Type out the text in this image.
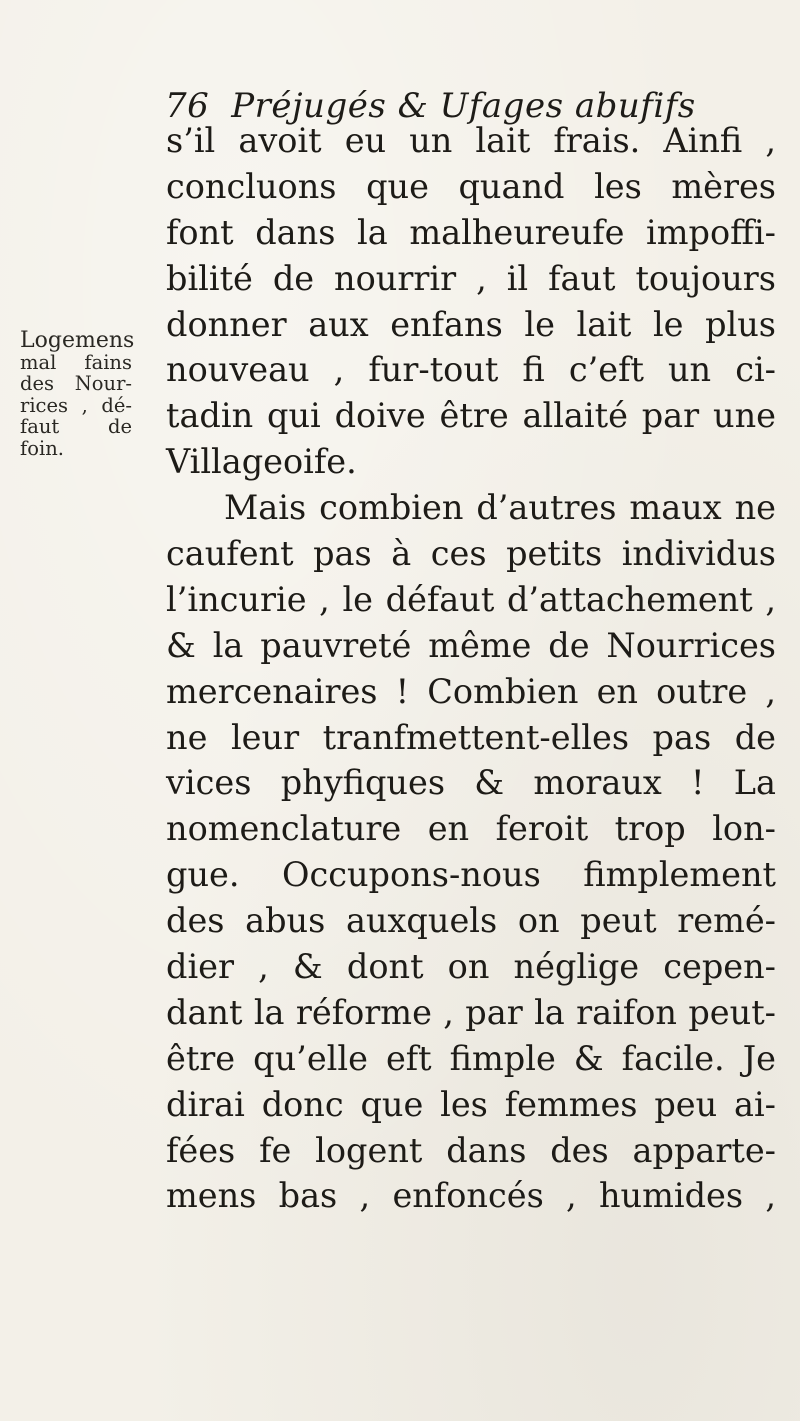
76 Préjugés & Ufages abufifs
s’il avoit eu un lait frais. Ainfi ,
concluons que quand les mères
font dans la malheureufe impoffi-
bilité de nourrir , il faut toujours
donner aux enfans le lait le plus
nouveau , fur-tout fi c’eft un ci-
tadin qui doive être allaité par une
Villageoife.
Mais combien d’autres maux ne
caufent pas à ces petits individus
l’incurie , le défaut d’attachement ,
& la pauvreté même de Nourrices
mercenaires ! Combien en outre ,
ne leur tranfmettent-elles pas de
vices phyfiques & moraux ! La
nomenclature en feroit trop lon-
gue. Occupons-nous fimplement
des abus auxquels on peut remé-
dier , & dont on néglige cepen-
dant la réforme , par la raifon peut-
être qu’elle eft fimple & facile. Je
dirai donc que les femmes peu ai-
fées fe logent dans des apparte-
mens bas , enfoncés , humides ,
Logemens
mal fains
des Nour-
rices , dé-
faut de
foin.
